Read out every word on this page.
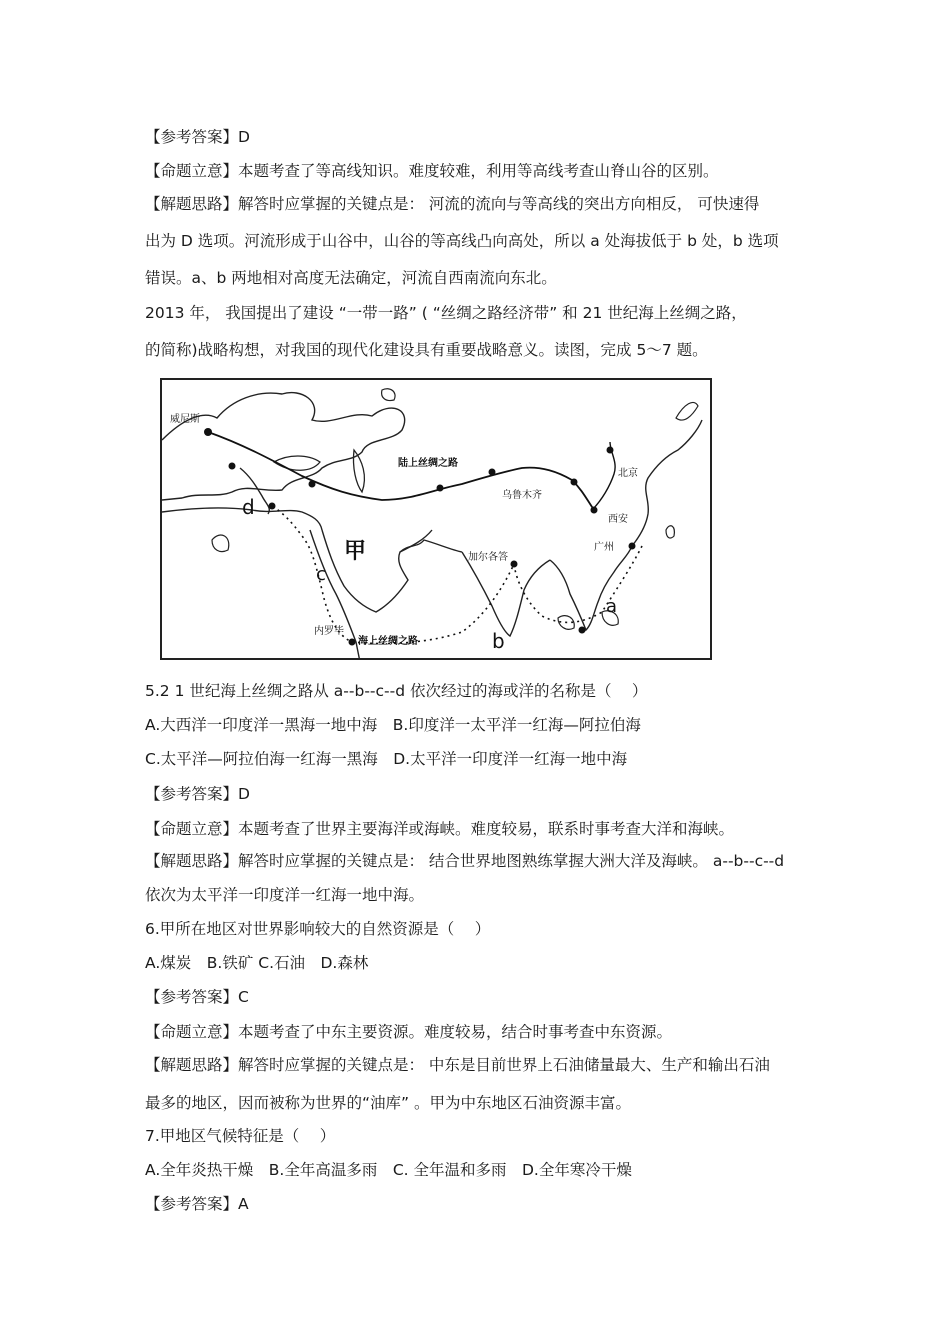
【参考答案】D
【命题立意】本题考查了等高线知识。难度较难，利用等高线考查山脊山谷的区别。
【解题思路】解答时应掌握的关键点是： 河流的流向与等高线的突出方向相反， 可快速得
出为 D 选项。河流形成于山谷中，山谷的等高线凸向高处，所以 a 处海拔低于 b 处，b 选项
错误。a、b 两地相对高度无法确定，河流自西南流向东北。
2013 年， 我国提出了建设 “一带一路” ( “丝绸之路经济带” 和 21 世纪海上丝绸之路，
的简称)战略构想，对我国的现代化建设具有重要战略意义。读图，完成 5～7 题。
威尼斯
陆上丝绸之路
乌鲁木齐
北京
西安
广州
加尔各答
内罗毕
海上丝绸之路
甲
a
b
c
d
5.2 1 世纪海上丝绸之路从 a--b--c--d 依次经过的海或洋的名称是（　 ）
A.大西洋一印度洋一黑海一地中海　B.印度洋一太平洋一红海—阿拉伯海
C.太平洋—阿拉伯海一红海一黑海　D.太平洋一印度洋一红海一地中海
【参考答案】D
【命题立意】本题考查了世界主要海洋或海峡。难度较易，联系时事考查大洋和海峡。
【解题思路】解答时应掌握的关键点是： 结合世界地图熟练掌握大洲大洋及海峡。 a--b--c--d
依次为太平洋一印度洋一红海一地中海。
6.甲所在地区对世界影响较大的自然资源是（　 ）
A.煤炭　B.铁矿 C.石油　D.森林
【参考答案】C
【命题立意】本题考查了中东主要资源。难度较易，结合时事考查中东资源。
【解题思路】解答时应掌握的关键点是： 中东是目前世界上石油储量最大、生产和输出石油
最多的地区，因而被称为世界的“油库” 。甲为中东地区石油资源丰富。
7.甲地区气候特征是（　 ）
A.全年炎热干燥　B.全年高温多雨　C. 全年温和多雨　D.全年寒冷干燥
【参考答案】A
